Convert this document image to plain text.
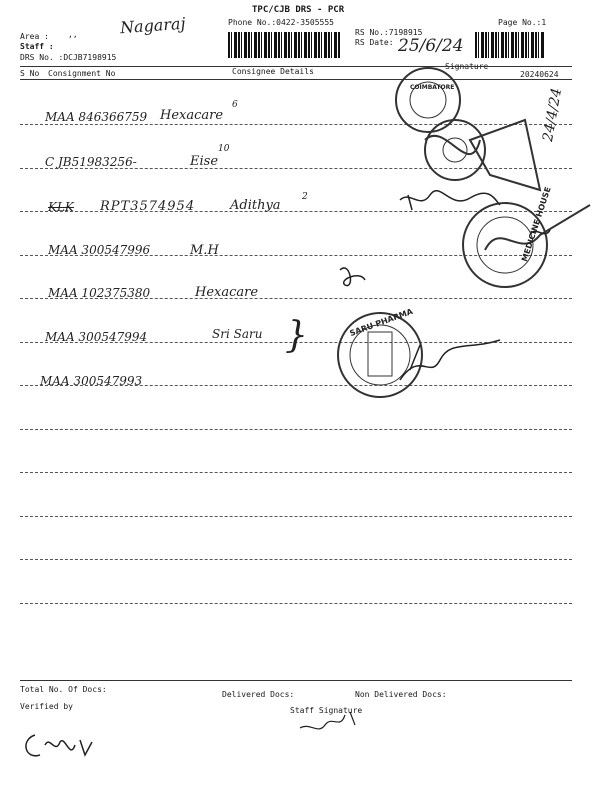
TPC/CJB DRS - PCR
Phone No.:0422-3505555	Page No.:1
Area : ,,
Staff :
Nagaraj
DRS No. :DCJB7198915
RS No.:7198915
RS Date: 25/6/24
Signature
S No Consignment No	Consignee Details	20240624
MAA 846366759 Hexacare
6
C JB51983256-	Eise
10
KLK RPT3574954	Adithya
2
MAA 300547996	M.H
MAA 102375380	Hexacare
MAA 300547994	Sri Saru }
MAA 300547993
COIMBATORE
MEDICINE HOUSE
SARU PHARMA
24/4/24
Total No. Of Docs:
Delivered Docs:	Non Delivered Docs:
Verified by	Staff Signature
